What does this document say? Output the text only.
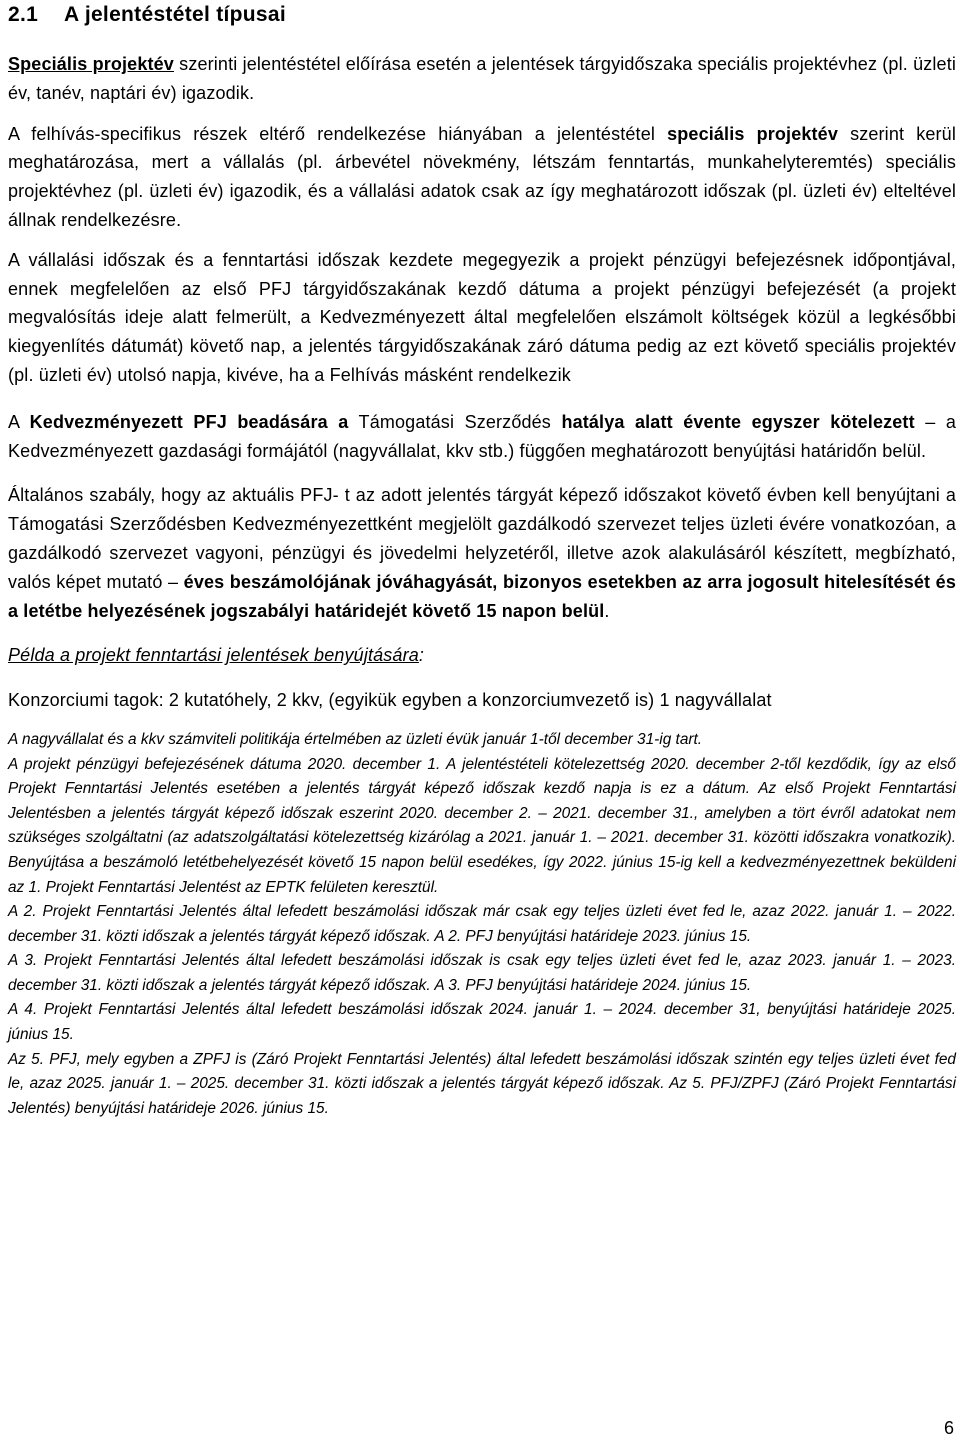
2.1 A jelentéstétel típusai

Speciális projektév szerinti jelentéstétel előírása esetén a jelentések tárgyidőszaka speciális projektévhez (pl. üzleti év, tanév, naptári év) igazodik.

A felhívás-specifikus részek eltérő rendelkezése hiányában a jelentéstétel speciális projektév szerint kerül meghatározása, mert a vállalás (pl. árbevétel növekmény, létszám fenntartás, munkahelyteremtés) speciális projektévhez (pl. üzleti év) igazodik, és a vállalási adatok csak az így meghatározott időszak (pl. üzleti év) elteltével állnak rendelkezésre.

A vállalási időszak és a fenntartási időszak kezdete megegyezik a projekt pénzügyi befejezésnek időpontjával, ennek megfelelően az első PFJ tárgyidőszakának kezdő dátuma a projekt pénzügyi befejezését (a projekt megvalósítás ideje alatt felmerült, a Kedvezményezett által megfelelően elszámolt költségek közül a legkésőbbi kiegyenlítés dátumát) követő nap, a jelentés tárgyidőszakának záró dátuma pedig az ezt követő speciális projektév (pl. üzleti év) utolsó napja, kivéve, ha a Felhívás másként rendelkezik

A Kedvezményezett PFJ beadására a Támogatási Szerződés hatálya alatt évente egyszer kötelezett – a Kedvezményezett gazdasági formájától (nagyvállalat, kkv stb.) függően meghatározott benyújtási határidőn belül.

Általános szabály, hogy az aktuális PFJ- t az adott jelentés tárgyát képező időszakot követő évben kell benyújtani a Támogatási Szerződésben Kedvezményezettként megjelölt gazdálkodó szervezet teljes üzleti évére vonatkozóan, a gazdálkodó szervezet vagyoni, pénzügyi és jövedelmi helyzetéről, illetve azok alakulásáról készített, megbízható, valós képet mutató – éves beszámolójának jóváhagyását, bizonyos esetekben az arra jogosult hitelesítését és a letétbe helyezésének jogszabályi határidejét követő 15 napon belül.

Példa a projekt fenntartási jelentések benyújtására:

Konzorciumi tagok: 2 kutatóhely, 2 kkv, (egyikük egyben a konzorciumvezető is) 1 nagyvállalat

A nagyvállalat és a kkv számviteli politikája értelmében az üzleti évük január 1-től december 31-ig tart.

A projekt pénzügyi befejezésének dátuma 2020. december 1. A jelentéstételi kötelezettség 2020. december 2-től kezdődik, így az első Projekt Fenntartási Jelentés esetében a jelentés tárgyát képező időszak kezdő napja is ez a dátum. Az első Projekt Fenntartási Jelentésben a jelentés tárgyát képező időszak eszerint 2020. december 2. – 2021. december 31., amelyben a tört évről adatokat nem szükséges szolgáltatni (az adatszolgáltatási kötelezettség kizárólag a 2021. január 1. – 2021. december 31. közötti időszakra vonatkozik). Benyújtása a beszámoló letétbehelyezését követő 15 napon belül esedékes, így 2022. június 15-ig kell a kedvezményezettnek beküldeni az 1. Projekt Fenntartási Jelentést az EPTK felületen keresztül.

A 2. Projekt Fenntartási Jelentés által lefedett beszámolási időszak már csak egy teljes üzleti évet fed le, azaz 2022. január 1. – 2022. december 31. közti időszak a jelentés tárgyát képező időszak. A 2. PFJ benyújtási határideje 2023. június 15.

A 3. Projekt Fenntartási Jelentés által lefedett beszámolási időszak is csak egy teljes üzleti évet fed le, azaz 2023. január 1. – 2023. december 31. közti időszak a jelentés tárgyát képező időszak. A 3. PFJ benyújtási határideje 2024. június 15.

A 4. Projekt Fenntartási Jelentés által lefedett beszámolási időszak 2024. január 1. – 2024. december 31, benyújtási határideje 2025. június 15.

Az 5. PFJ, mely egyben a ZPFJ is (Záró Projekt Fenntartási Jelentés) által lefedett beszámolási időszak szintén egy teljes üzleti évet fed le, azaz 2025. január 1. – 2025. december 31. közti időszak a jelentés tárgyát képező időszak. Az 5. PFJ/ZPFJ (Záró Projekt Fenntartási Jelentés) benyújtási határideje 2026. június 15.

6
